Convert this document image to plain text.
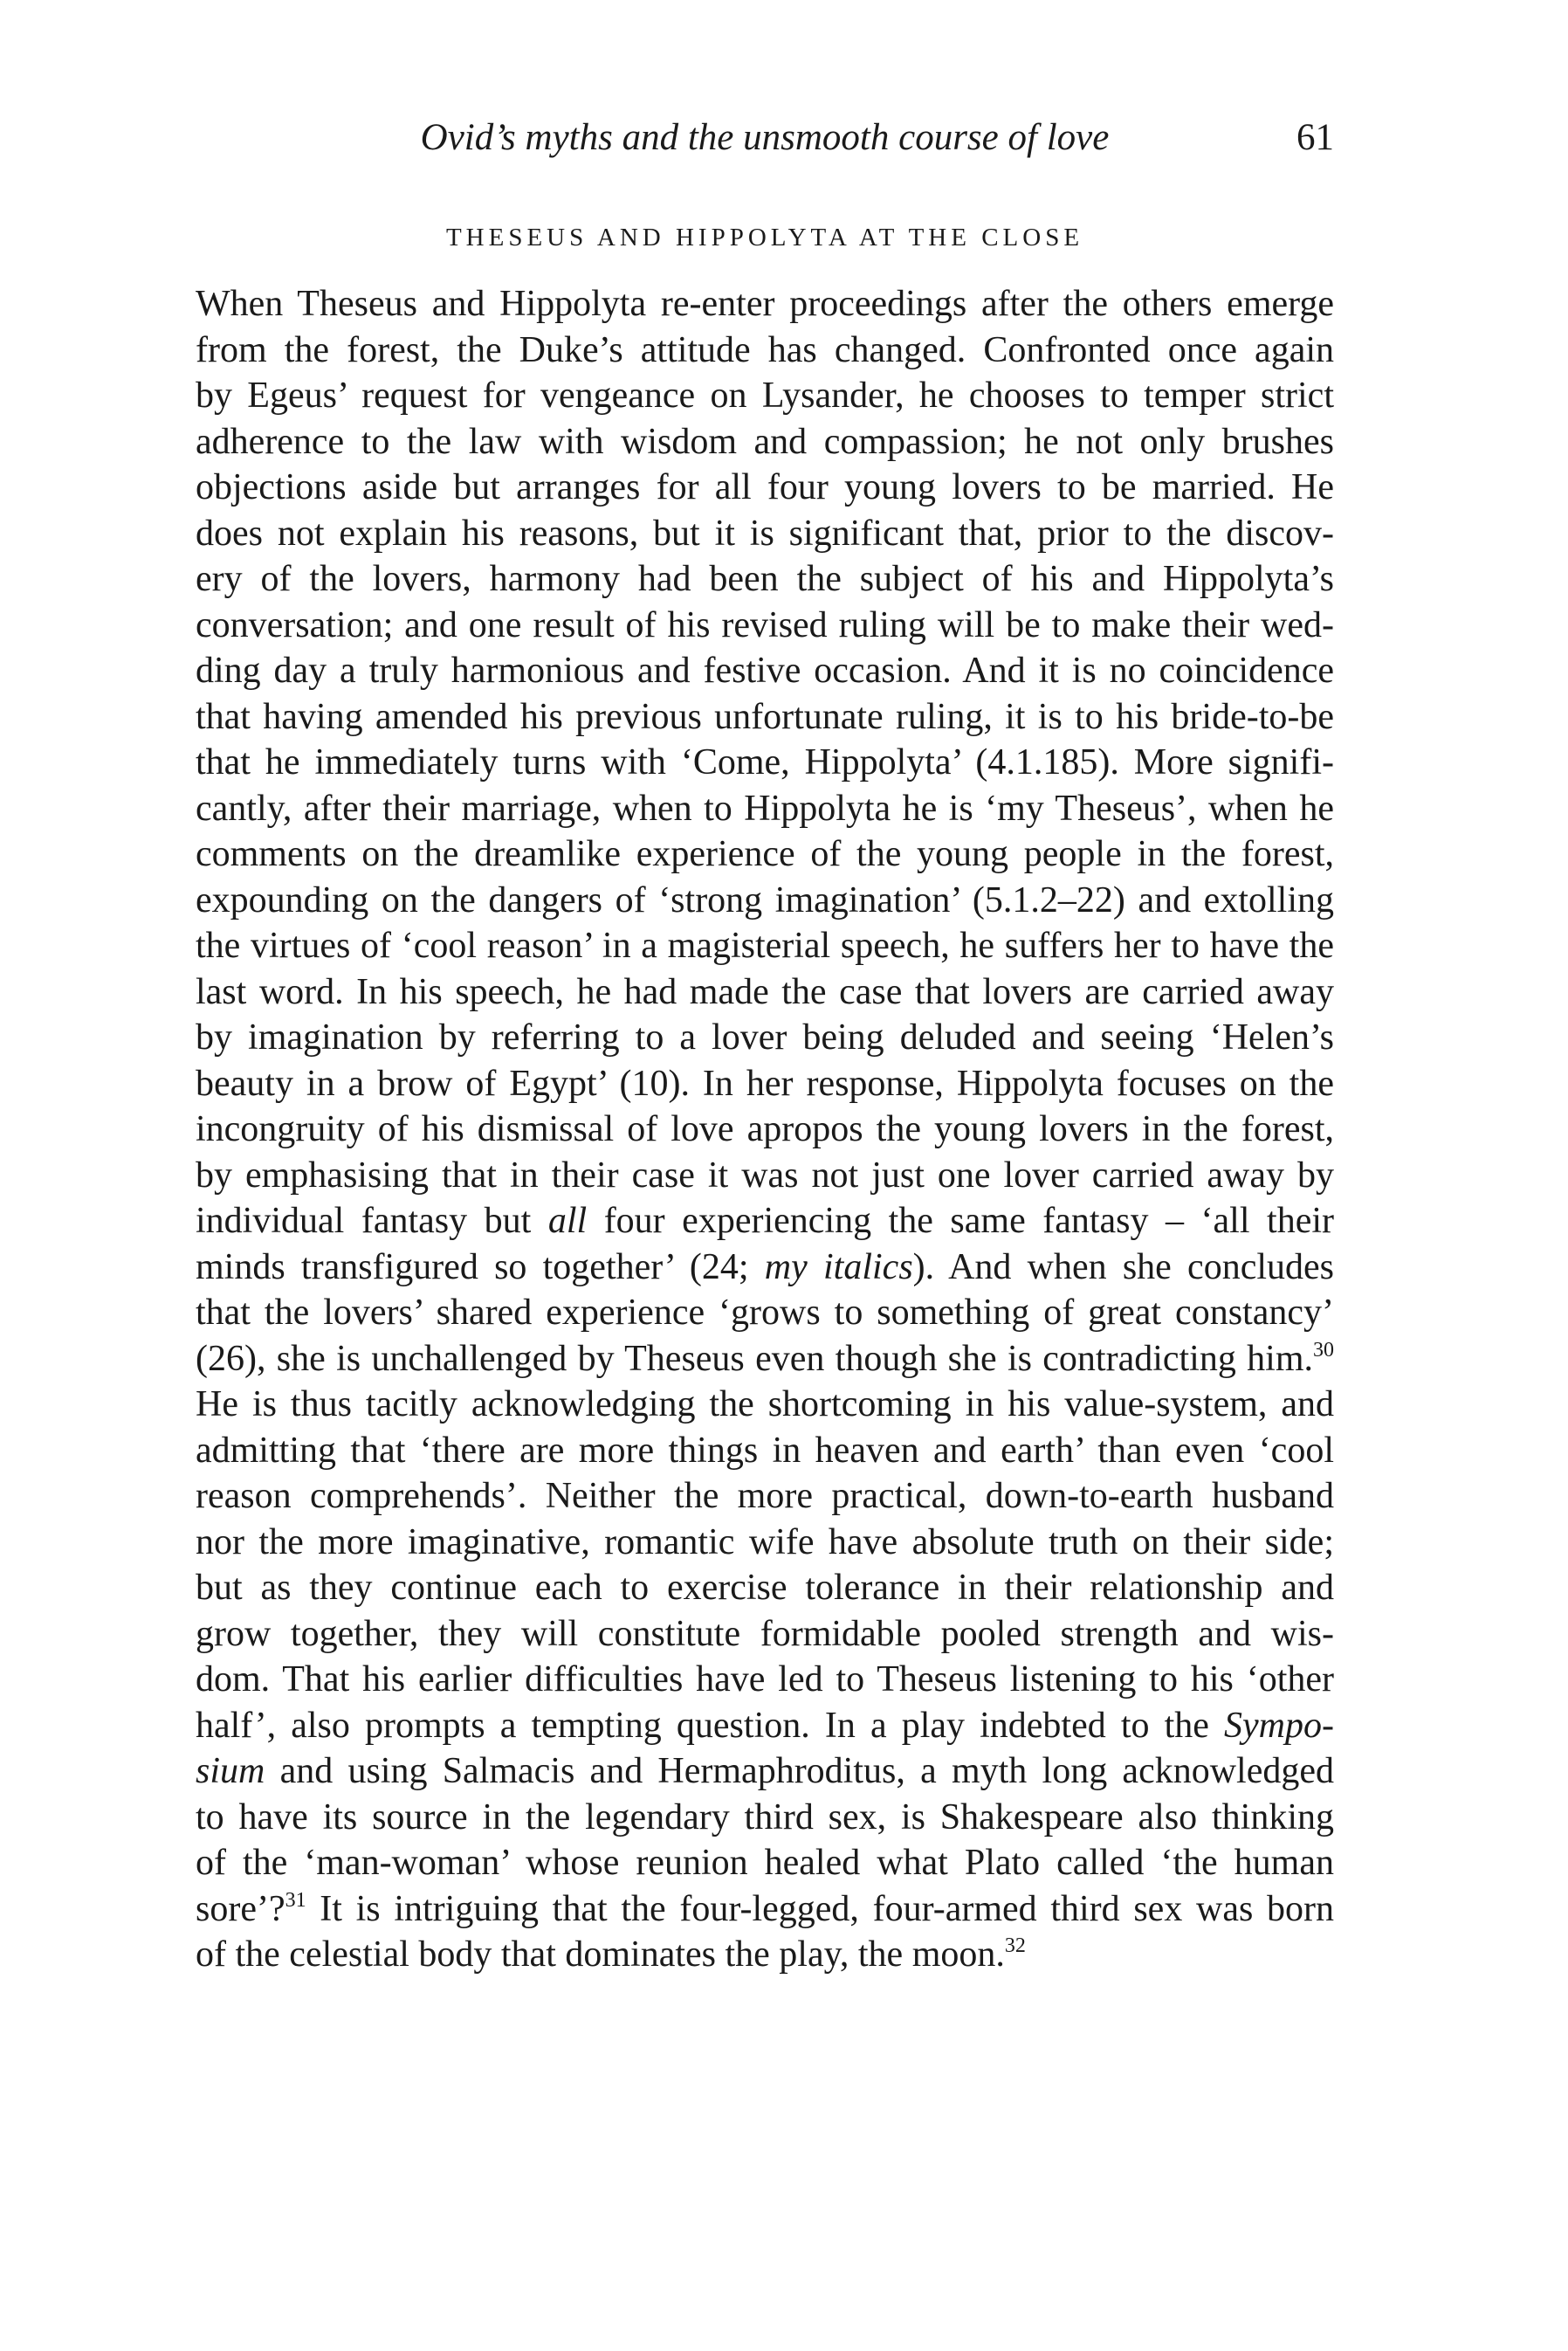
Ovid’s myths and the unsmooth course of love	61
THESEUS AND HIPPOLYTA AT THE CLOSE
When Theseus and Hippolyta re-enter proceedings after the others emerge
from the forest, the Duke’s attitude has changed. Confronted once again
by Egeus’ request for vengeance on Lysander, he chooses to temper strict
adherence to the law with wisdom and compassion; he not only brushes
objections aside but arranges for all four young lovers to be married. He
does not explain his reasons, but it is significant that, prior to the discov-
ery of the lovers, harmony had been the subject of his and Hippolyta’s
conversation; and one result of his revised ruling will be to make their wed-
ding day a truly harmonious and festive occasion. And it is no coincidence
that having amended his previous unfortunate ruling, it is to his bride-to-be
that he immediately turns with ‘Come, Hippolyta’ (4.1.185). More signifi-
cantly, after their marriage, when to Hippolyta he is ‘my Theseus’, when he
comments on the dreamlike experience of the young people in the forest,
expounding on the dangers of ‘strong imagination’ (5.1.2–22) and extolling
the virtues of ‘cool reason’ in a magisterial speech, he suffers her to have the
last word. In his speech, he had made the case that lovers are carried away
by imagination by referring to a lover being deluded and seeing ‘Helen’s
beauty in a brow of Egypt’ (10). In her response, Hippolyta focuses on the
incongruity of his dismissal of love apropos the young lovers in the forest,
by emphasising that in their case it was not just one lover carried away by
individual fantasy but all four experiencing the same fantasy – ‘all their
minds transfigured so together’ (24; my italics). And when she concludes
that the lovers’ shared experience ‘grows to something of great constancy’
(26), she is unchallenged by Theseus even though she is contradicting him.$^{30}$
He is thus tacitly acknowledging the shortcoming in his value-system, and
admitting that ‘there are more things in heaven and earth’ than even ‘cool
reason comprehends’. Neither the more practical, down-to-earth husband
nor the more imaginative, romantic wife have absolute truth on their side;
but as they continue each to exercise tolerance in their relationship and
grow together, they will constitute formidable pooled strength and wis-
dom. That his earlier difficulties have led to Theseus listening to his ‘other
half’, also prompts a tempting question. In a play indebted to the Sympo-
sium and using Salmacis and Hermaphroditus, a myth long acknowledged
to have its source in the legendary third sex, is Shakespeare also thinking
of the ‘man-woman’ whose reunion healed what Plato called ‘the human
sore’?$^{31}$ It is intriguing that the four-legged, four-armed third sex was born
of the celestial body that dominates the play, the moon.$^{32}$
